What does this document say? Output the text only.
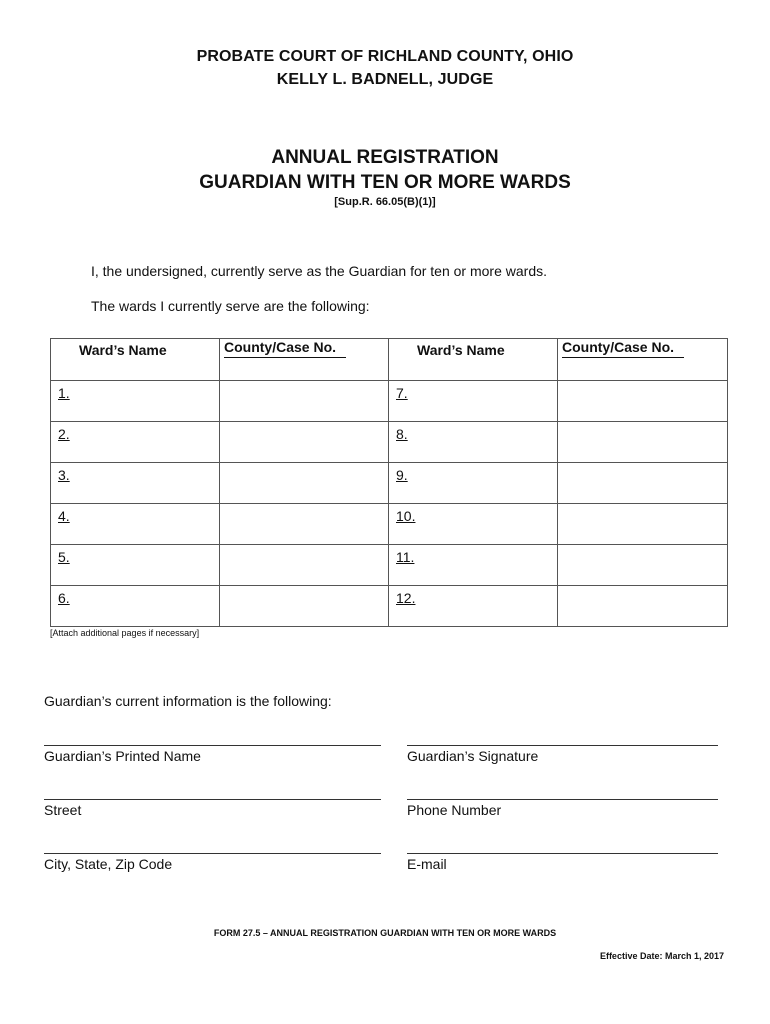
PROBATE COURT OF RICHLAND COUNTY, OHIO
KELLY L. BADNELL, JUDGE
ANNUAL REGISTRATION
GUARDIAN WITH TEN OR MORE WARDS
[Sup.R. 66.05(B)(1)]
I, the undersigned, currently serve as the Guardian for ten or more wards.
The wards I currently serve are the following:
Ward’s Name	County/Case No.	Ward’s Name	County/Case No.

1.		7.	
2.		8.	
3.		9.	
4.		10.	
5.		11.	
6.		12.	
[Attach additional pages if necessary]
Guardian’s current information is the following:
Guardian’s Printed Name	Guardian’s Signature
Street	Phone Number
City, State, Zip Code	E-mail
FORM 27.5 – ANNUAL REGISTRATION GUARDIAN WITH TEN OR MORE WARDS
Effective Date: March 1, 2017
